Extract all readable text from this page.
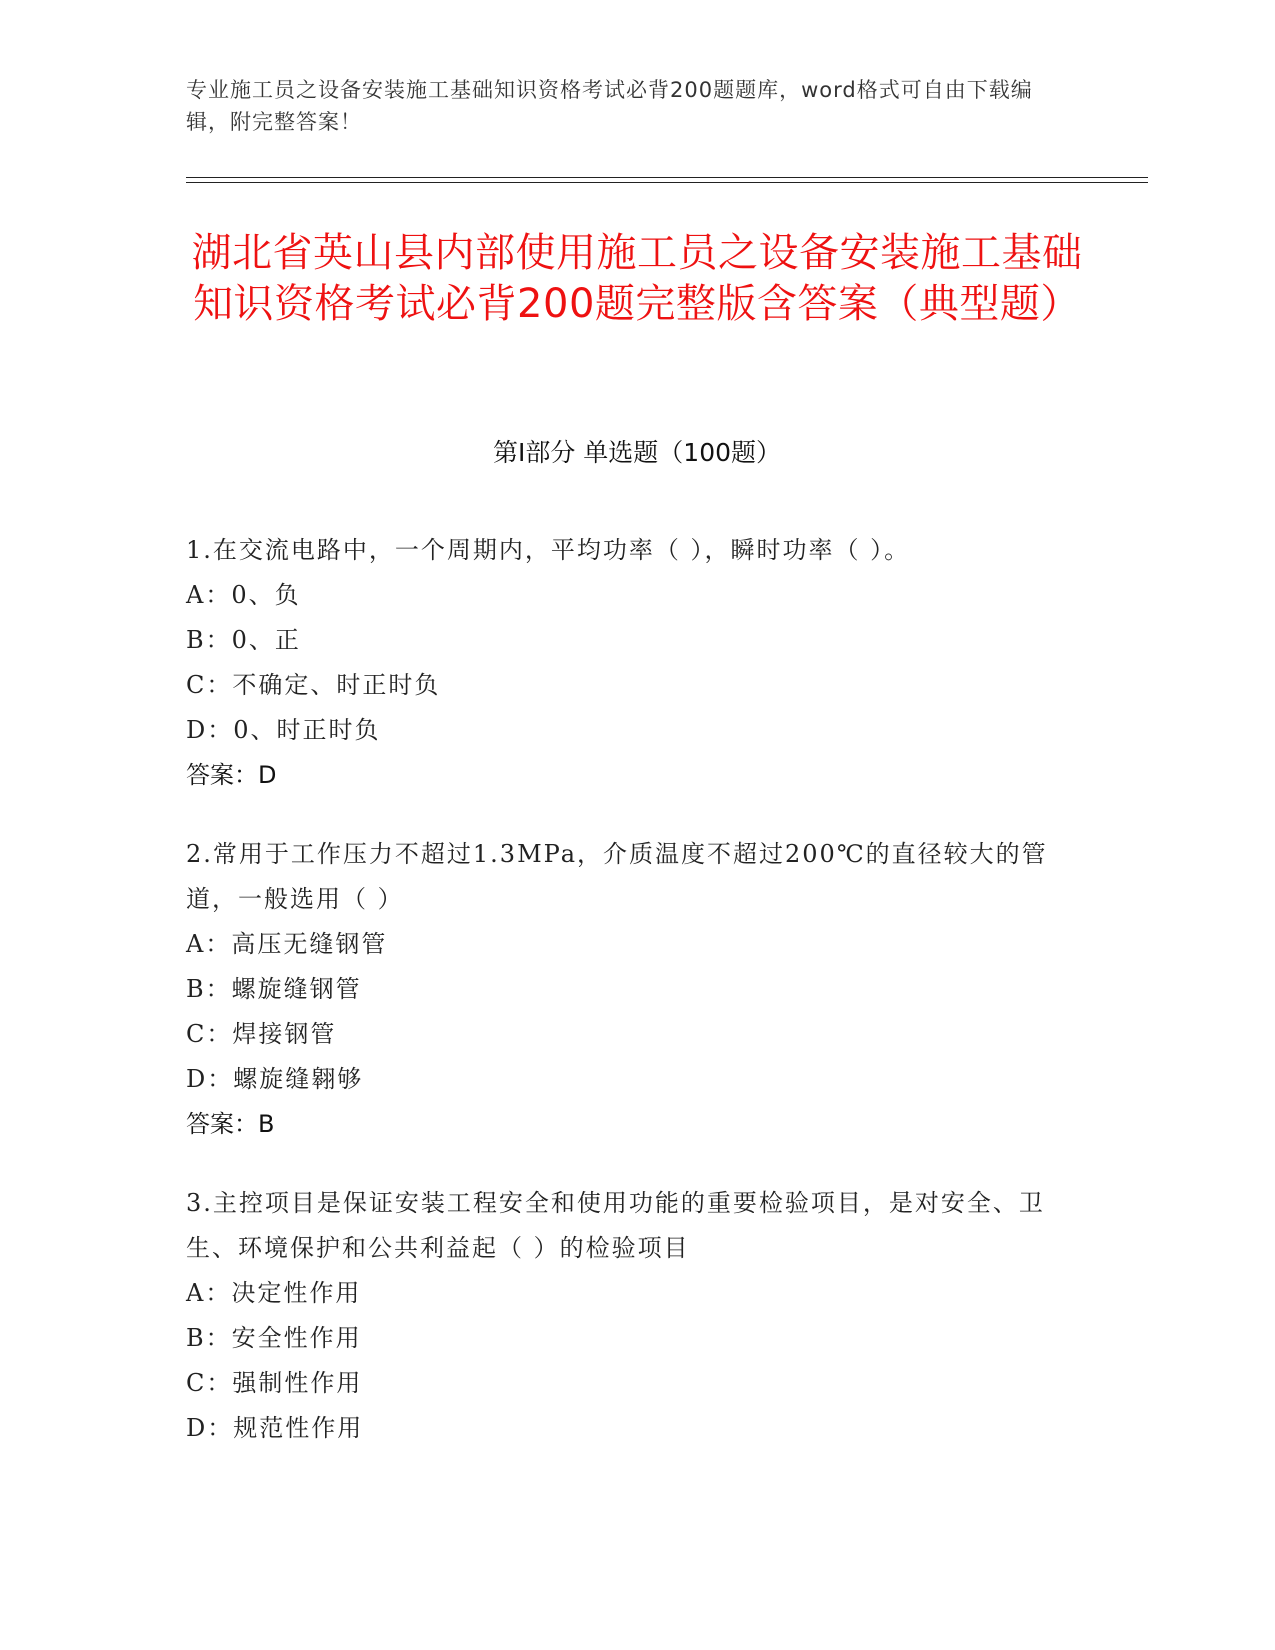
专业施工员之设备安装施工基础知识资格考试必背200题题库，word格式可自由下载编辑，附完整答案！
湖北省英山县内部使用施工员之设备安装施工基础知识资格考试必背200题完整版含答案（典型题）
第I部分 单选题（100题）
1.在交流电路中，一个周期内，平均功率（ ），瞬时功率（ ）。
A：0、负
B：0、正
C：不确定、时正时负
D：0、时正时负
答案：D
2.常用于工作压力不超过1.3MPa，介质温度不超过200℃的直径较大的管道，一般选用（ ）
A：高压无缝钢管
B：螺旋缝钢管
C：焊接钢管
D：螺旋缝翱够
答案：B
3.主控项目是保证安装工程安全和使用功能的重要检验项目，是对安全、卫生、环境保护和公共利益起（ ）的检验项目
A：决定性作用
B：安全性作用
C：强制性作用
D：规范性作用
